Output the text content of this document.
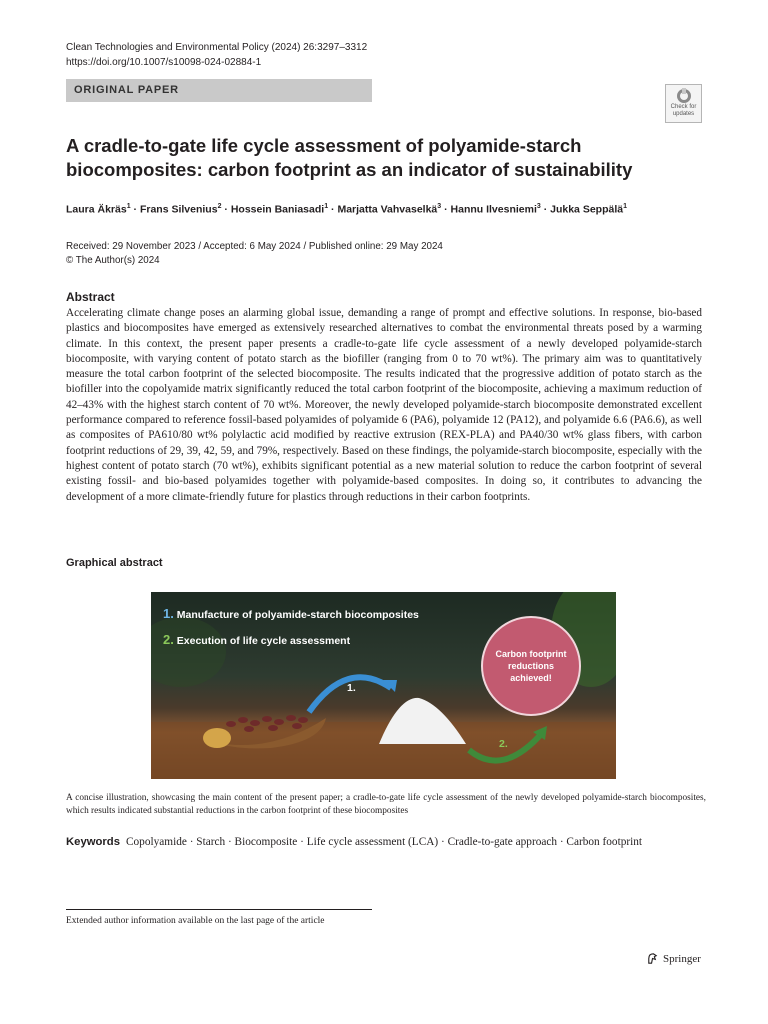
Clean Technologies and Environmental Policy (2024) 26:3297–3312
https://doi.org/10.1007/s10098-024-02884-1
ORIGINAL PAPER
Check for
updates
A cradle-to-gate life cycle assessment of polyamide-starch biocomposites: carbon footprint as an indicator of sustainability
Laura Äkräs$^1$ · Frans Silvenius$^2$ · Hossein Baniasadi$^1$ · Marjatta Vahvaselkä$^3$ · Hannu Ilvesniemi$^3$ · Jukka Seppälä$^1$
Received: 29 November 2023 / Accepted: 6 May 2024 / Published online: 29 May 2024
© The Author(s) 2024
Abstract

Accelerating climate change poses an alarming global issue, demanding a range of prompt and effective solutions. In response, bio-based plastics and biocomposites have emerged as extensively researched alternatives to combat the environmental threats posed by a warming climate. In this context, the present paper presents a cradle-to-gate life cycle assessment of a newly developed polyamide-starch biocomposite, with varying content of potato starch as the biofiller (ranging from 0 to 70 wt%). The primary aim was to quantitatively measure the total carbon footprint of the selected biocomposite. The results indicated that the progressive addition of potato starch as the biofiller into the copolyamide matrix significantly reduced the total carbon footprint of the biocomposite, achieving a maximum reduction of 42–43% with the highest starch content of 70 wt%. Moreover, the newly developed polyamide-starch biocomposite demonstrated excellent performance compared to reference fossil-based polyamides of polyamide 6 (PA6), polyamide 12 (PA12), and polyamide 6.6 (PA6.6), as well as composites of PA610/80 wt% polylactic acid modified by reactive extrusion (REX-PLA) and PA40/30 wt% glass fibers, with carbon footprint reductions of 29, 39, 42, 59, and 79%, respectively. Based on these findings, the polyamide-starch biocomposite, especially with the highest content of potato starch (70 wt%), exhibits significant potential as a new material solution to reduce the carbon footprint of several existing fossil- and bio-based polyamides together with polyamide-based composites. In doing so, it contributes to advancing the development of a more climate-friendly future for plastics through reductions in their carbon footprints.

Graphical abstract
1. Manufacture of polyamide-starch biocomposites
2. Execution of life cycle assessment
Carbon footprint reductions achieved!
1.
2.

A concise illustration, showcasing the main content of the present paper; a cradle-to-gate life cycle assessment of the newly developed polyamide-starch biocomposites, which results indicated substantial reductions in the carbon footprint of these biocomposites

Keywords Copolyamide · Starch · Biocomposite · Life cycle assessment (LCA) · Cradle-to-gate approach · Carbon footprint

Extended author information available on the last page of the article
Springer
